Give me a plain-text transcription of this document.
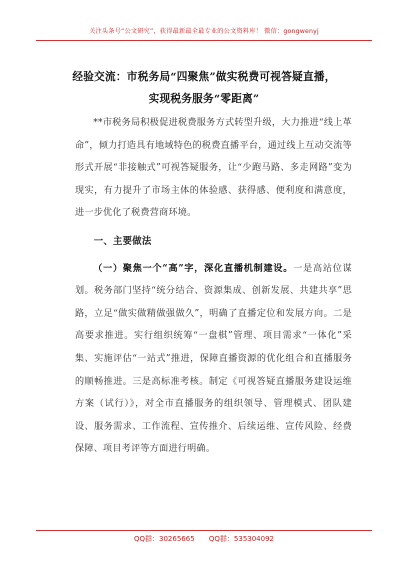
关注头条号“公文研究”，获得最新最全最专业的公文资料库！ 微信：gongwenyj
经验交流：市税务局“四聚焦”做实税费可视答疑直播，
实现税务服务“零距离”

**市税务局积极促进税费服务方式转型升级，大力推进“线上革命”，倾力打造具有地域特色的税费直播平台，通过线上互动交流等形式开展“非接触式”可视答疑服务，让“少跑马路、多走网路”变为现实，有力提升了市场主体的体验感、获得感、便利度和满意度，进一步优化了税费营商环境。

一、主要做法

（一）聚焦一个“高”字，深化直播机制建设。一是高站位谋划。税务部门坚持“统分结合、资源集成、创新发展、共建共享”思路，立足“做实做精做强做久”，明确了直播定位和发展方向。二是高要求推进。实行组织统筹“一盘棋”管理、项目需求“一体化”采集、实施评估“一站式”推进，保障直播资源的优化组合和直播服务的顺畅推进。三是高标准考核。制定《可视答疑直播服务建设运维方案（试行）》，对全市直播服务的组织领导、管理模式、团队建设、服务需求、工作流程、宣传推介、后续运维、宣传风险、经费保障、项目考评等方面进行明确。

QQ群：30265665 QQ群：535304092
